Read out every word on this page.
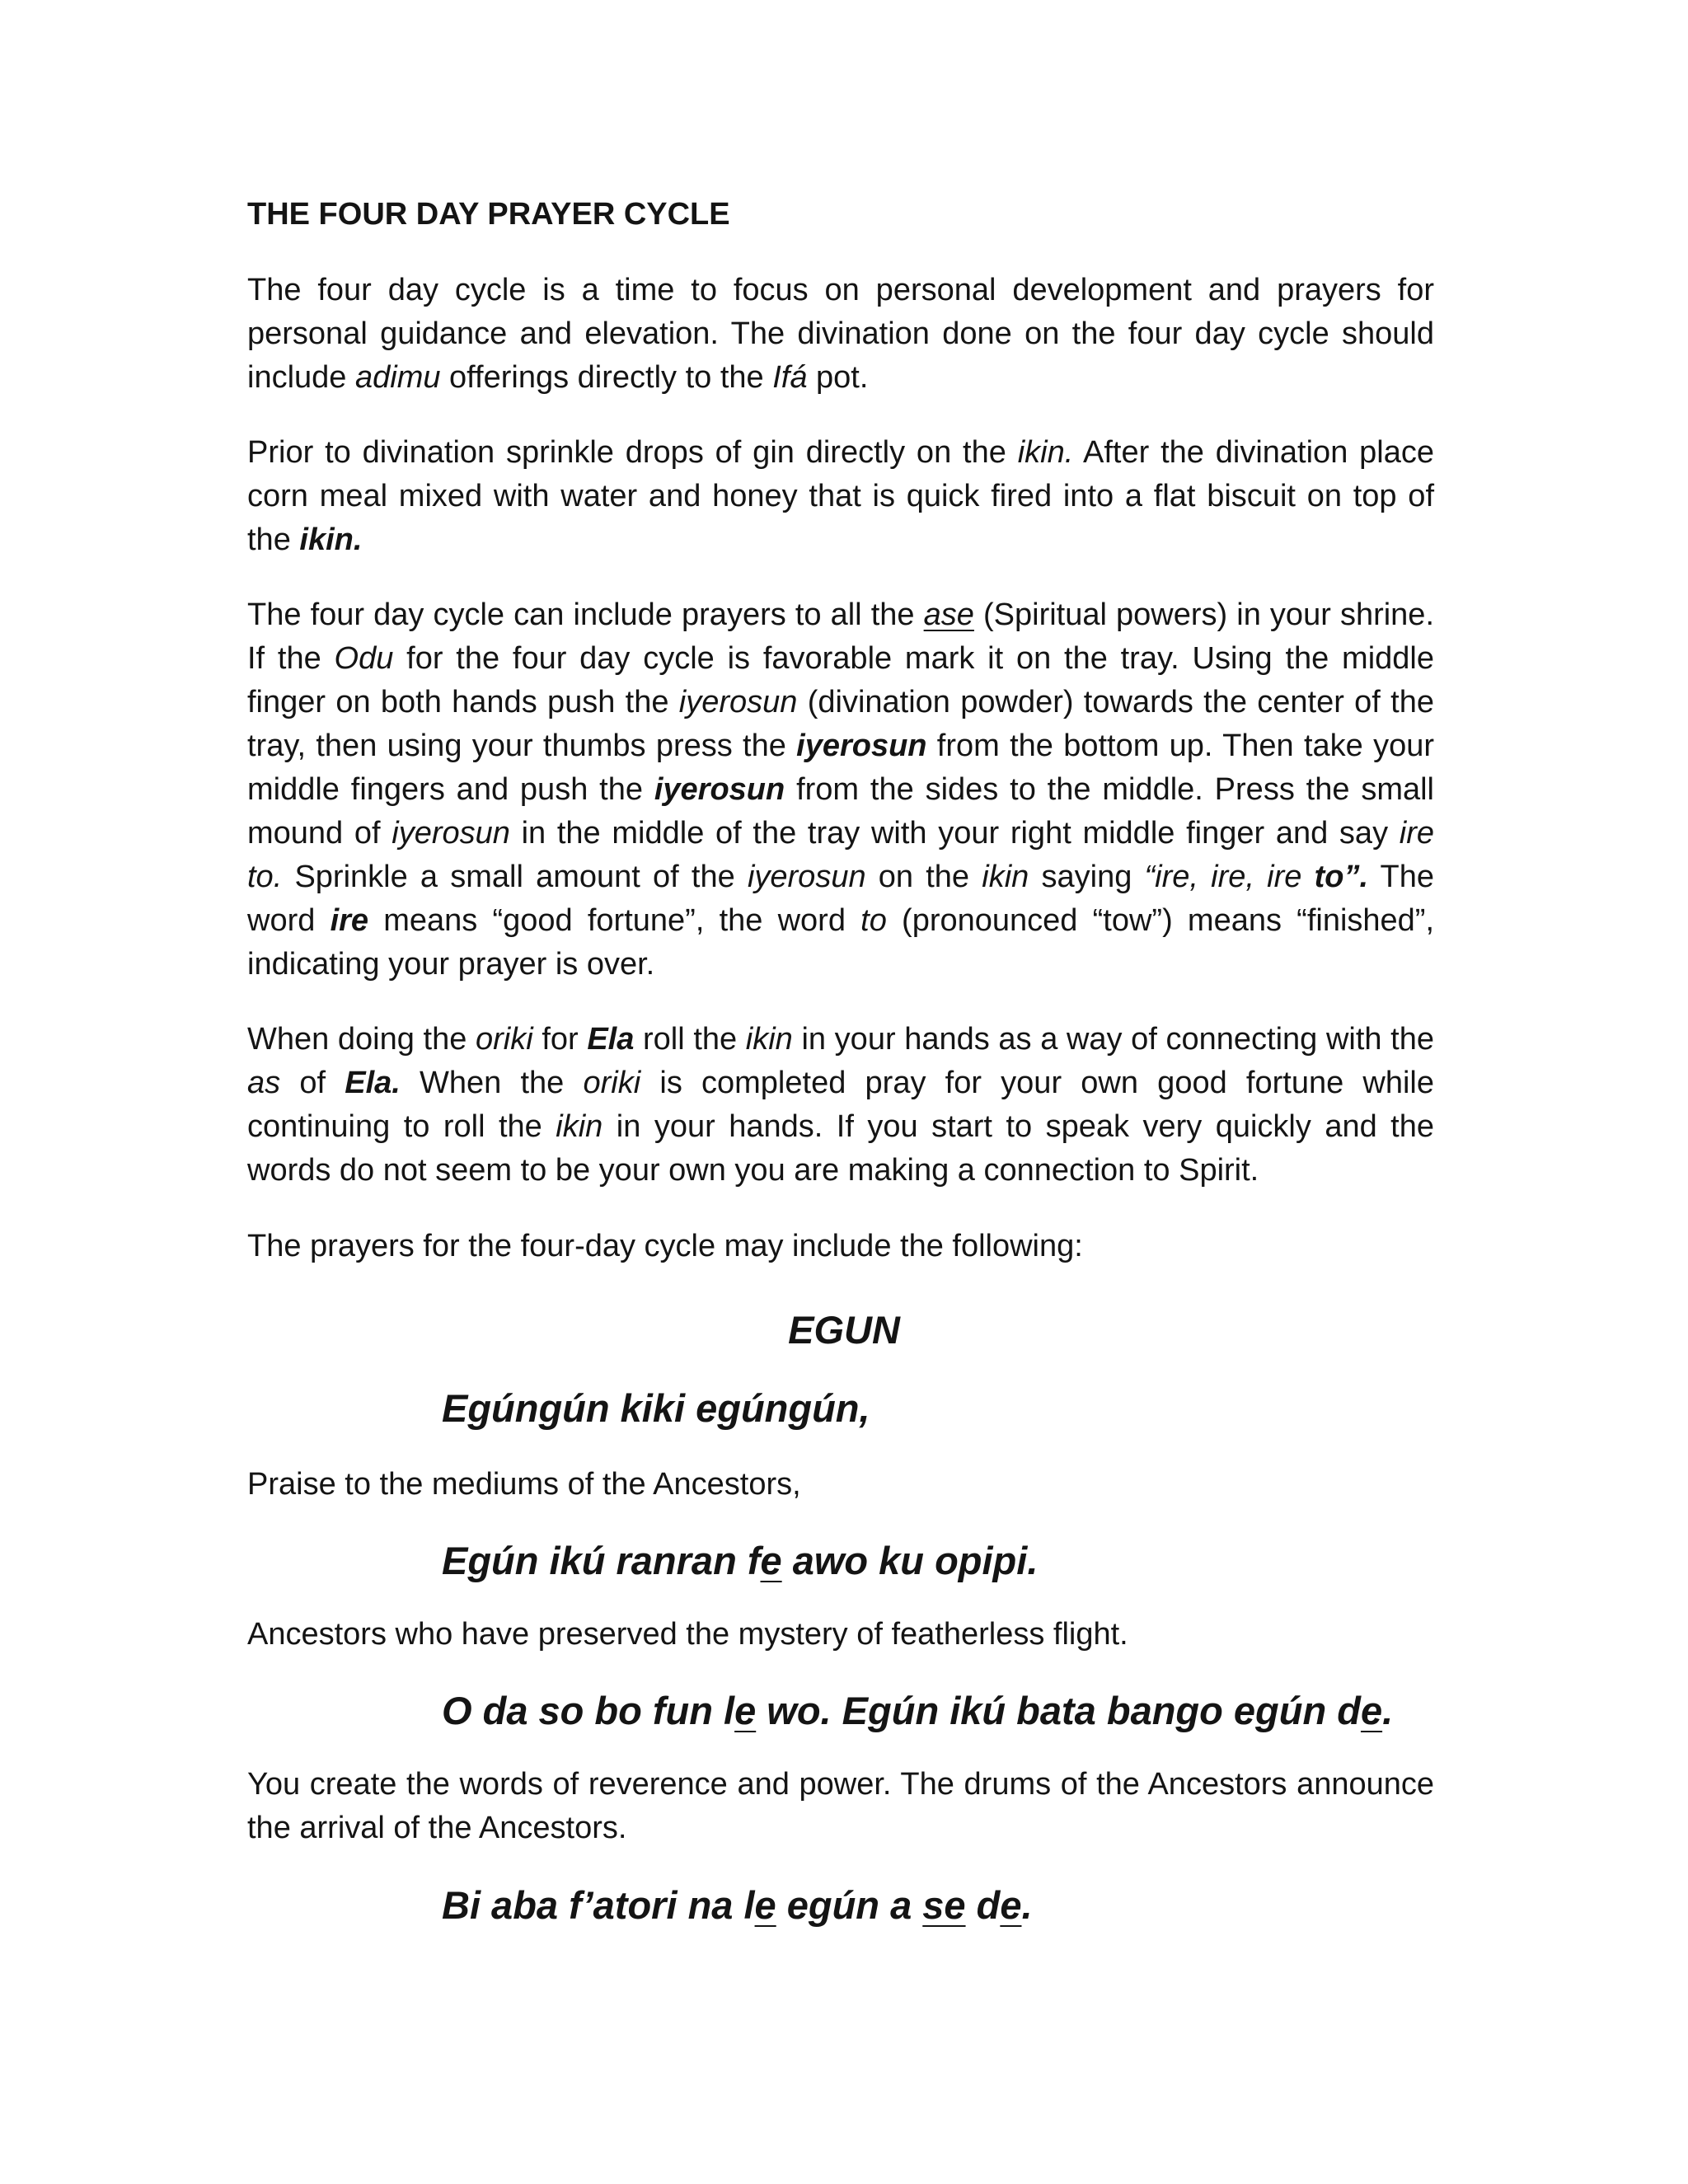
THE FOUR DAY PRAYER CYCLE
The four day cycle is a time to focus on personal development and prayers for personal guidance and elevation. The divination done on the four day cycle should include adimu offerings directly to the Ifá pot.
Prior to divination sprinkle drops of gin directly on the ikin. After the divination place corn meal mixed with water and honey that is quick fired into a flat biscuit on top of the ikin.
The four day cycle can include prayers to all the ase (Spiritual powers) in your shrine. If the Odu for the four day cycle is favorable mark it on the tray. Using the middle finger on both hands push the iyerosun (divination powder) towards the center of the tray, then using your thumbs press the iyerosun from the bottom up. Then take your middle fingers and push the iyerosun from the sides to the middle. Press the small mound of iyerosun in the middle of the tray with your right middle finger and say ire to. Sprinkle a small amount of the iyerosun on the ikin saying “ire, ire, ire to”. The word ire means “good fortune”, the word to (pronounced “tow”) means “finished”, indicating your prayer is over.
When doing the oriki for Ela roll the ikin in your hands as a way of connecting with the as of Ela. When the oriki is completed pray for your own good fortune while continuing to roll the ikin in your hands. If you start to speak very quickly and the words do not seem to be your own you are making a connection to Spirit.
The prayers for the four-day cycle may include the following:
EGUN
Egúngún kiki egúngún,
Praise to the mediums of the Ancestors,
Egún ikú ranran fe awo ku opipi.
Ancestors who have preserved the mystery of featherless flight.
O da so bo fun le wo. Egún ikú bata bango egún de.
You create the words of reverence and power. The drums of the Ancestors announce the arrival of the Ancestors.
Bi aba f’atori na le egún a se de.
